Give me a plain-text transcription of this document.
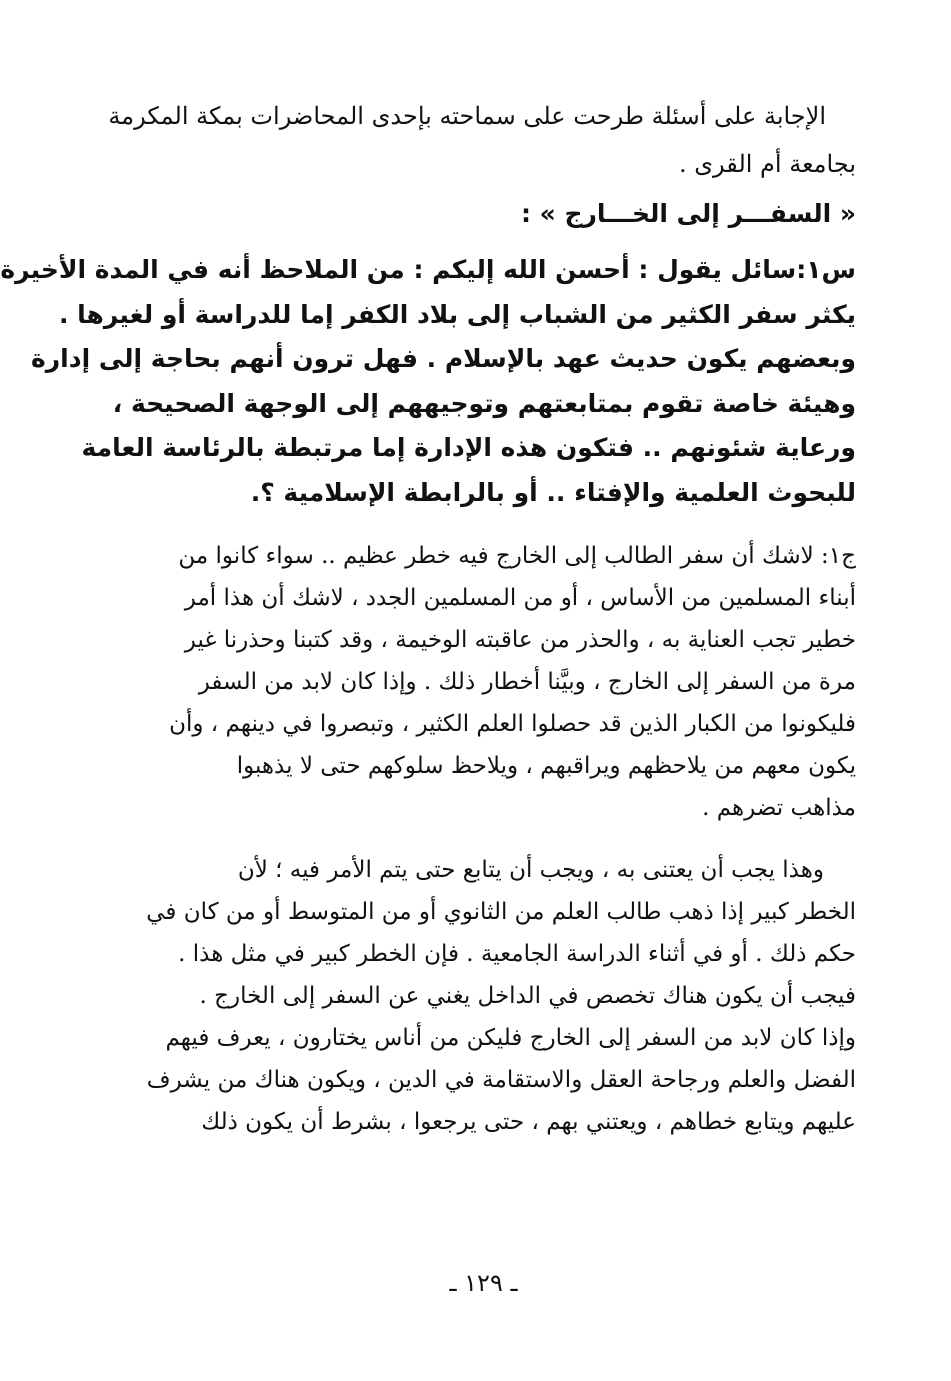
الإجابة على أسئلة طرحت على سماحته بإحدى المحاضرات بمكة المكرمة
بجامعة أم القرى .
« السفـــر إلى الخـــارج » :
س١:سائل يقول : أحسن الله إليكم : من الملاحظ أنه في المدة الأخيرة
يكثر سفر الكثير من الشباب إلى بلاد الكفر إما للدراسة أو لغيرها .
وبعضهم يكون حديث عهد بالإسلام . فهل ترون أنهم بحاجة إلى إدارة
وهيئة خاصة تقوم بمتابعتهم وتوجيههم إلى الوجهة الصحيحة ،
ورعاية شئونهم .. فتكون هذه الإدارة إما مرتبطة بالرئاسة العامة
للبحوث العلمية والإفتاء .. أو بالرابطة الإسلامية ؟.
ج١: لاشك أن سفر الطالب إلى الخارج فيه خطر عظيم .. سواء كانوا من
أبناء المسلمين من الأساس ، أو من المسلمين الجدد ، لاشك أن هذا أمر
خطير تجب العناية به ، والحذر من عاقبته الوخيمة ، وقد كتبنا وحذرنا غير
مرة من السفر إلى الخارج ، وبيَّنا أخطار ذلك . وإذا كان لابد من السفر
فليكونوا من الكبار الذين قد حصلوا العلم الكثير ، وتبصروا في دينهم ، وأن
يكون معهم من يلاحظهم ويراقبهم ، ويلاحظ سلوكهم حتى لا يذهبوا
مذاهب تضرهم .
وهذا يجب أن يعتنى به ، ويجب أن يتابع حتى يتم الأمر فيه ؛ لأن
الخطر كبير إذا ذهب طالب العلم من الثانوي أو من المتوسط أو من كان في
حكم ذلك . أو في أثناء الدراسة الجامعية . فإن الخطر كبير في مثل هذا .
فيجب أن يكون هناك تخصص في الداخل يغني عن السفر إلى الخارج .
وإذا كان لابد من السفر إلى الخارج فليكن من أناس يختارون ، يعرف فيهم
الفضل والعلم ورجاحة العقل والاستقامة في الدين ، ويكون هناك من يشرف
عليهم ويتابع خطاهم ، ويعتني بهم ، حتى يرجعوا ، بشرط أن يكون ذلك
ـ ١٢٩ ـ
